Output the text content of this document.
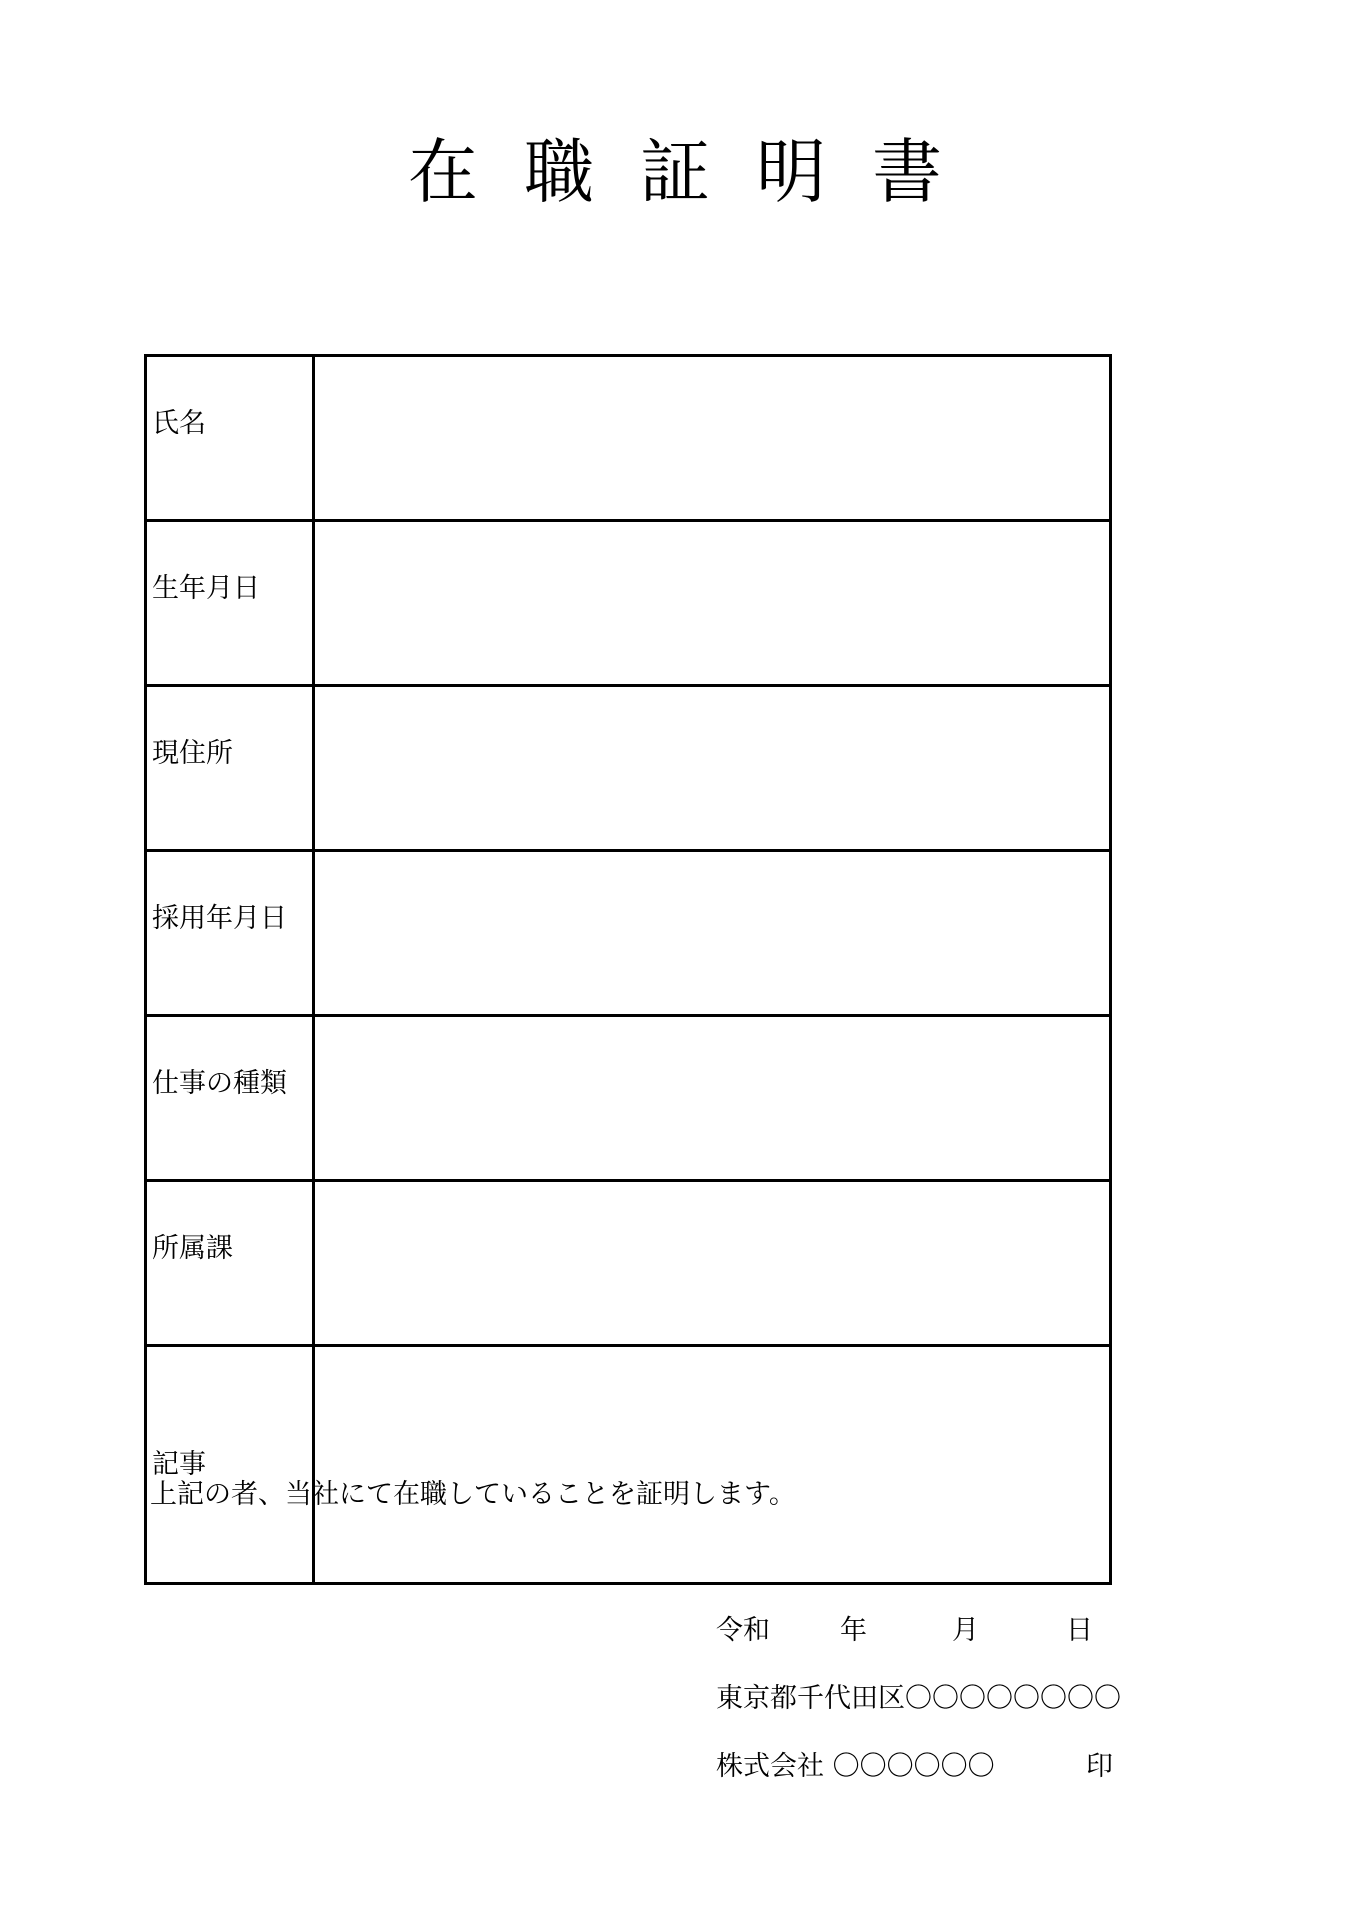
在職証明書
氏名	
生年月日	
現住所	
採用年月日	
仕事の種類	
所属課	
記事	
上記の者、当社にて在職していることを証明します。
令和	年	月	日
東京都千代田区〇〇〇〇〇〇〇〇
株式会社 〇〇〇〇〇〇	印
